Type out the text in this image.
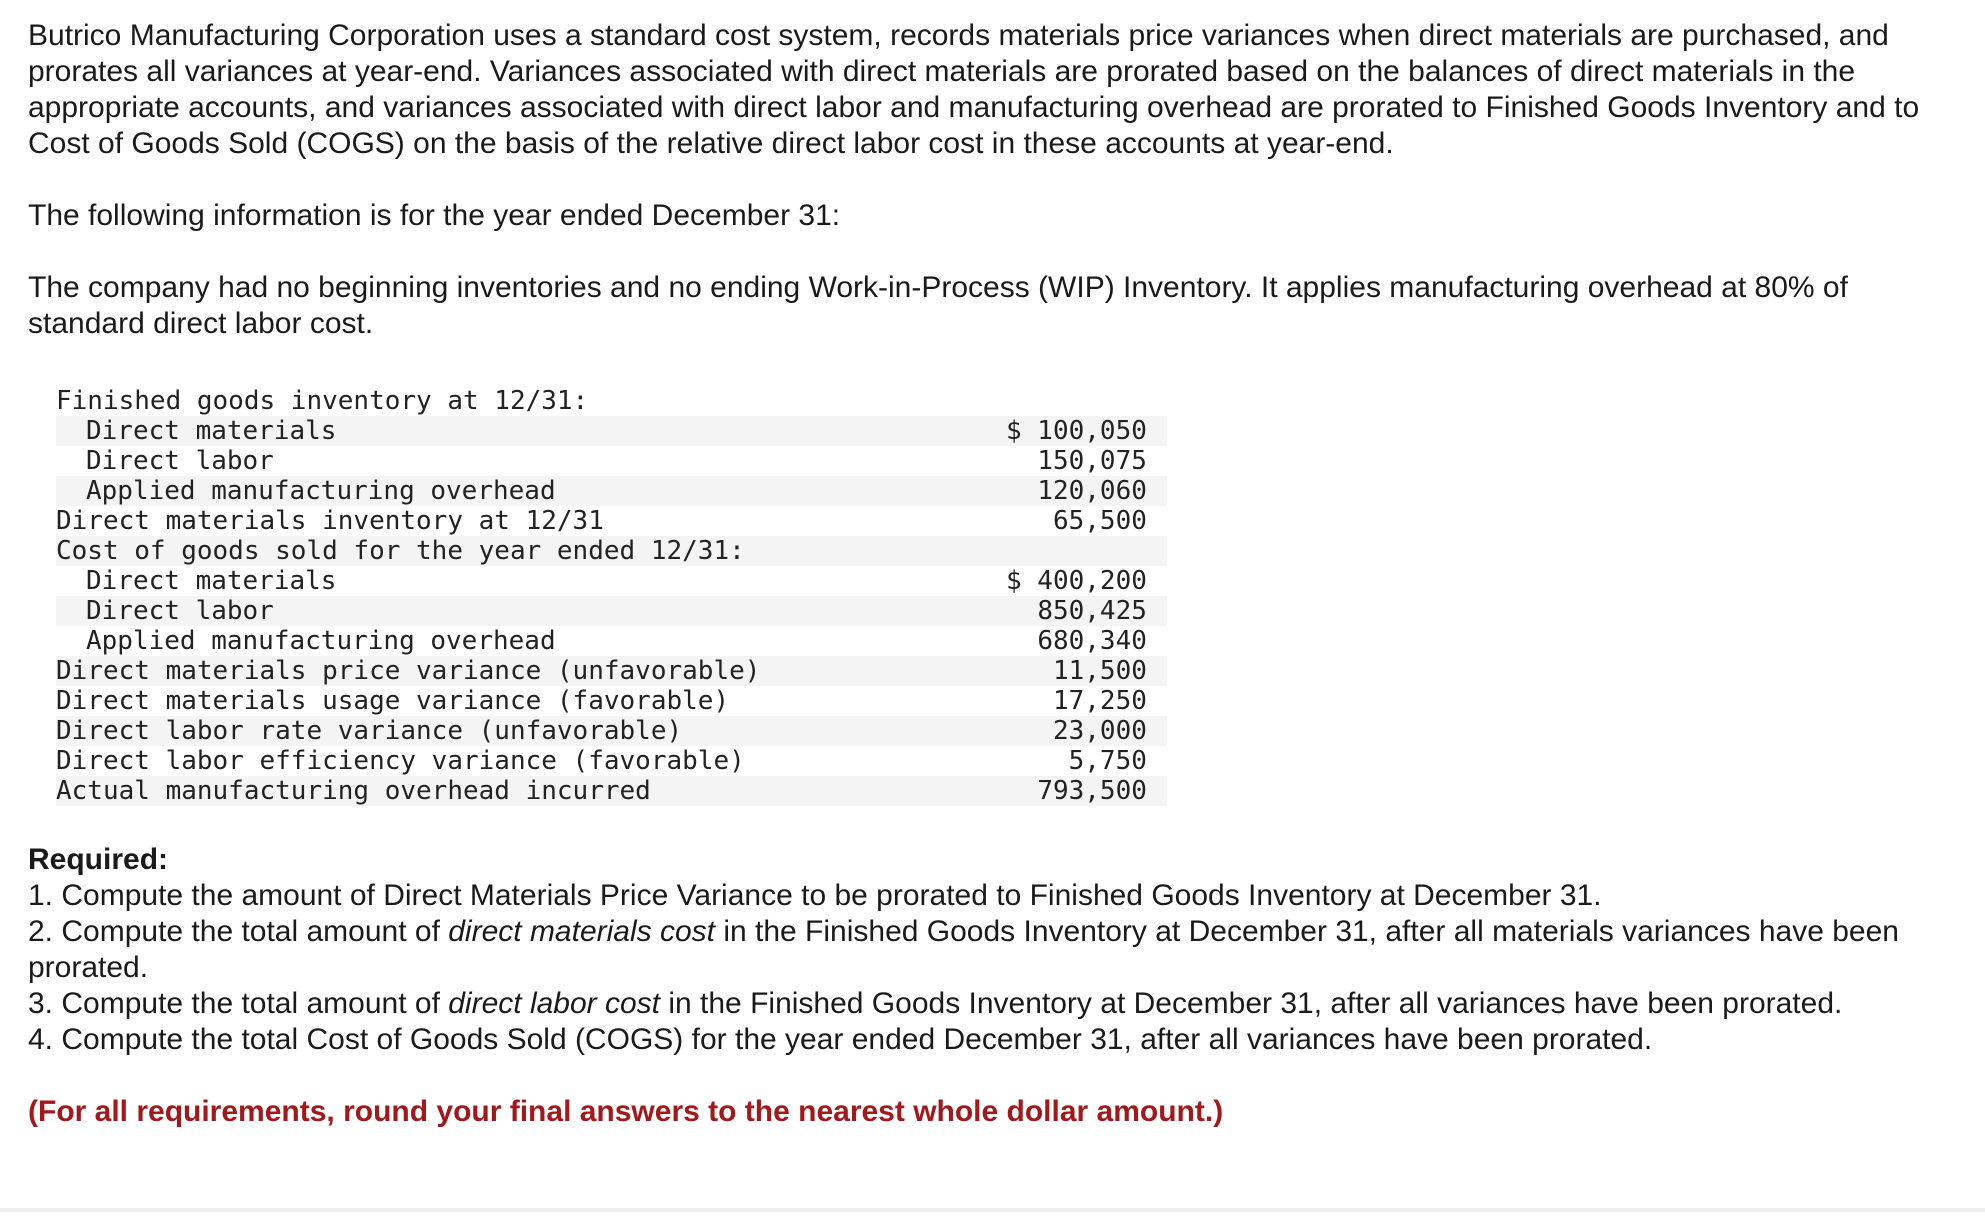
Butrico Manufacturing Corporation uses a standard cost system, records materials price variances when direct materials are purchased, and prorates all variances at year-end. Variances associated with direct materials are prorated based on the balances of direct materials in the appropriate accounts, and variances associated with direct labor and manufacturing overhead are prorated to Finished Goods Inventory and to Cost of Goods Sold (COGS) on the basis of the relative direct labor cost in these accounts at year-end.

The following information is for the year ended December 31:

The company had no beginning inventories and no ending Work-in-Process (WIP) Inventory. It applies manufacturing overhead at 80% of standard direct labor cost.

Finished goods inventory at 12/31:	
Direct materials	$ 100,050
Direct labor	150,075
Applied manufacturing overhead	120,060
Direct materials inventory at 12/31	65,500
Cost of goods sold for the year ended 12/31:	
Direct materials	$ 400,200
Direct labor	850,425
Applied manufacturing overhead	680,340
Direct materials price variance (unfavorable)	11,500
Direct materials usage variance (favorable)	17,250
Direct labor rate variance (unfavorable)	23,000
Direct labor efficiency variance (favorable)	5,750
Actual manufacturing overhead incurred	793,500

Required:

1. Compute the amount of Direct Materials Price Variance to be prorated to Finished Goods Inventory at December 31.
2. Compute the total amount of direct materials cost in the Finished Goods Inventory at December 31, after all materials variances have been prorated.
3. Compute the total amount of direct labor cost in the Finished Goods Inventory at December 31, after all variances have been prorated.
4. Compute the total Cost of Goods Sold (COGS) for the year ended December 31, after all variances have been prorated.

(For all requirements, round your final answers to the nearest whole dollar amount.)
